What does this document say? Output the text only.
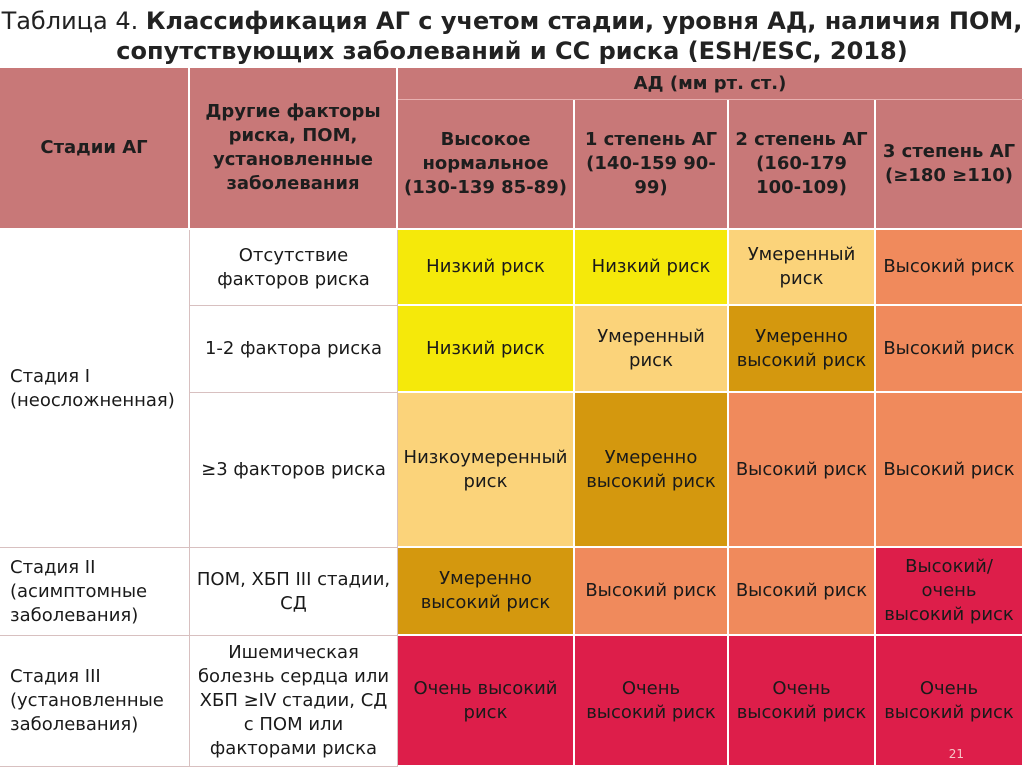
Таблица 4. Классификация АГ с учетом стадии, уровня АД, наличия ПОМ,
сопутствующих заболеваний и СС риска (ESH/ESC, 2018)
Стадии АГ
Другие факторы риска, ПОМ, установленные заболевания
АД (мм рт. ст.)
Высокое нормальное (130-139 85-89)
1 степень АГ (140-159 90-99)
2 степень АГ (160-179 100-109)
3 степень АГ (≥180 ≥110)
Стадия I (неосложненная)
Стадия II (асимптомные заболевания)
Стадия III (установленные заболевания)
Отсутствие факторов риска
1-2 фактора риска
≥3 факторов риска
ПОМ, ХБП III стадии, СД
Ишемическая болезнь сердца или ХБП ≥IV стадии, СД с ПОМ или факторами риска
Низкий риск	Низкий риск
Умеренный риск
Высокий риск
Низкий риск
Умеренный риск
Умеренно высокий риск
Высокий риск
Низкоумеренный риск
Умеренно высокий риск
Высокий риск Высокий риск
Умеренно высокий риск
Высокий риск	Высокий риск
Высокий/ очень высокий риск
Очень высокий риск
Очень высокий риск
Очень высокий риск
Очень высокий риск
21
